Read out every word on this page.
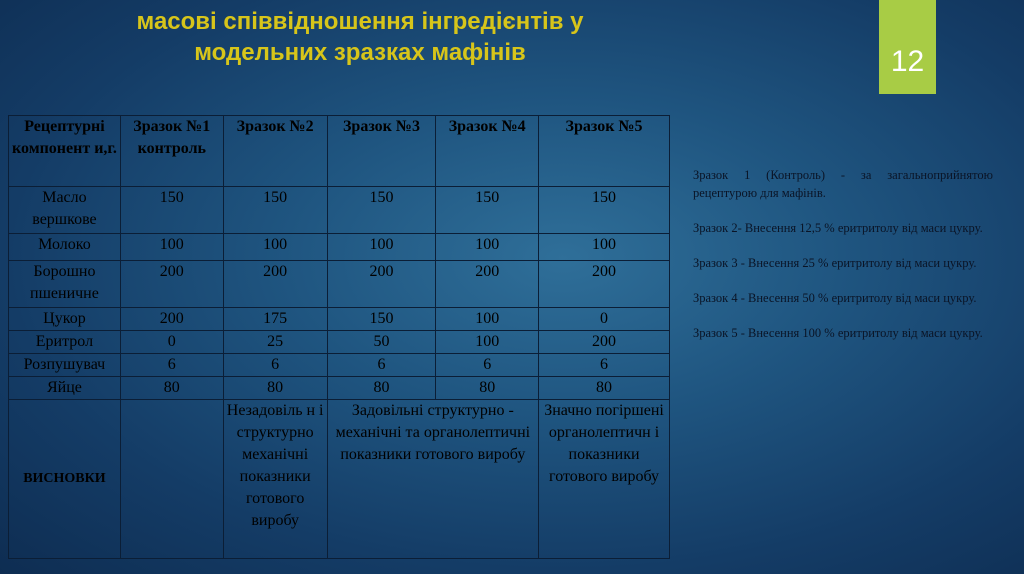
масові співвідношення інгредієнтів у
модельних зразках мафінів	12
Рецептурні компонент и,г.	Зразок №1 контроль	Зразок №2	Зразок №3	Зразок №4	Зразок №5
Масло вершкове	150	150	150	150	150
Молоко	100	100	100	100	100
Борошно пшеничне	200	200	200	200	200
Цукор	200	175	150	100	0
Еритрол	0	25	50	100	200
Розпушувач	6	6	6	6	6
Яйце	80	80	80	80	80
ВИСНОВКИ		Незадовіль н і структурно механічні показники готового виробу	Задовільні структурно - механічні та органолептичні показники готового виробу		Значно погіршені органолептичн і показники готового виробу

Зразок 1 (Контроль) - за загальноприйнятою рецептурою для мафінів.

Зразок 2- Внесення 12,5 % еритритолу від маси цукру.

Зразок 3 - Внесення 25 % еритритолу від маси цукру.

Зразок 4 - Внесення 50 % еритритолу від маси цукру.

Зразок 5 - Внесення 100 % еритритолу від маси цукру.
